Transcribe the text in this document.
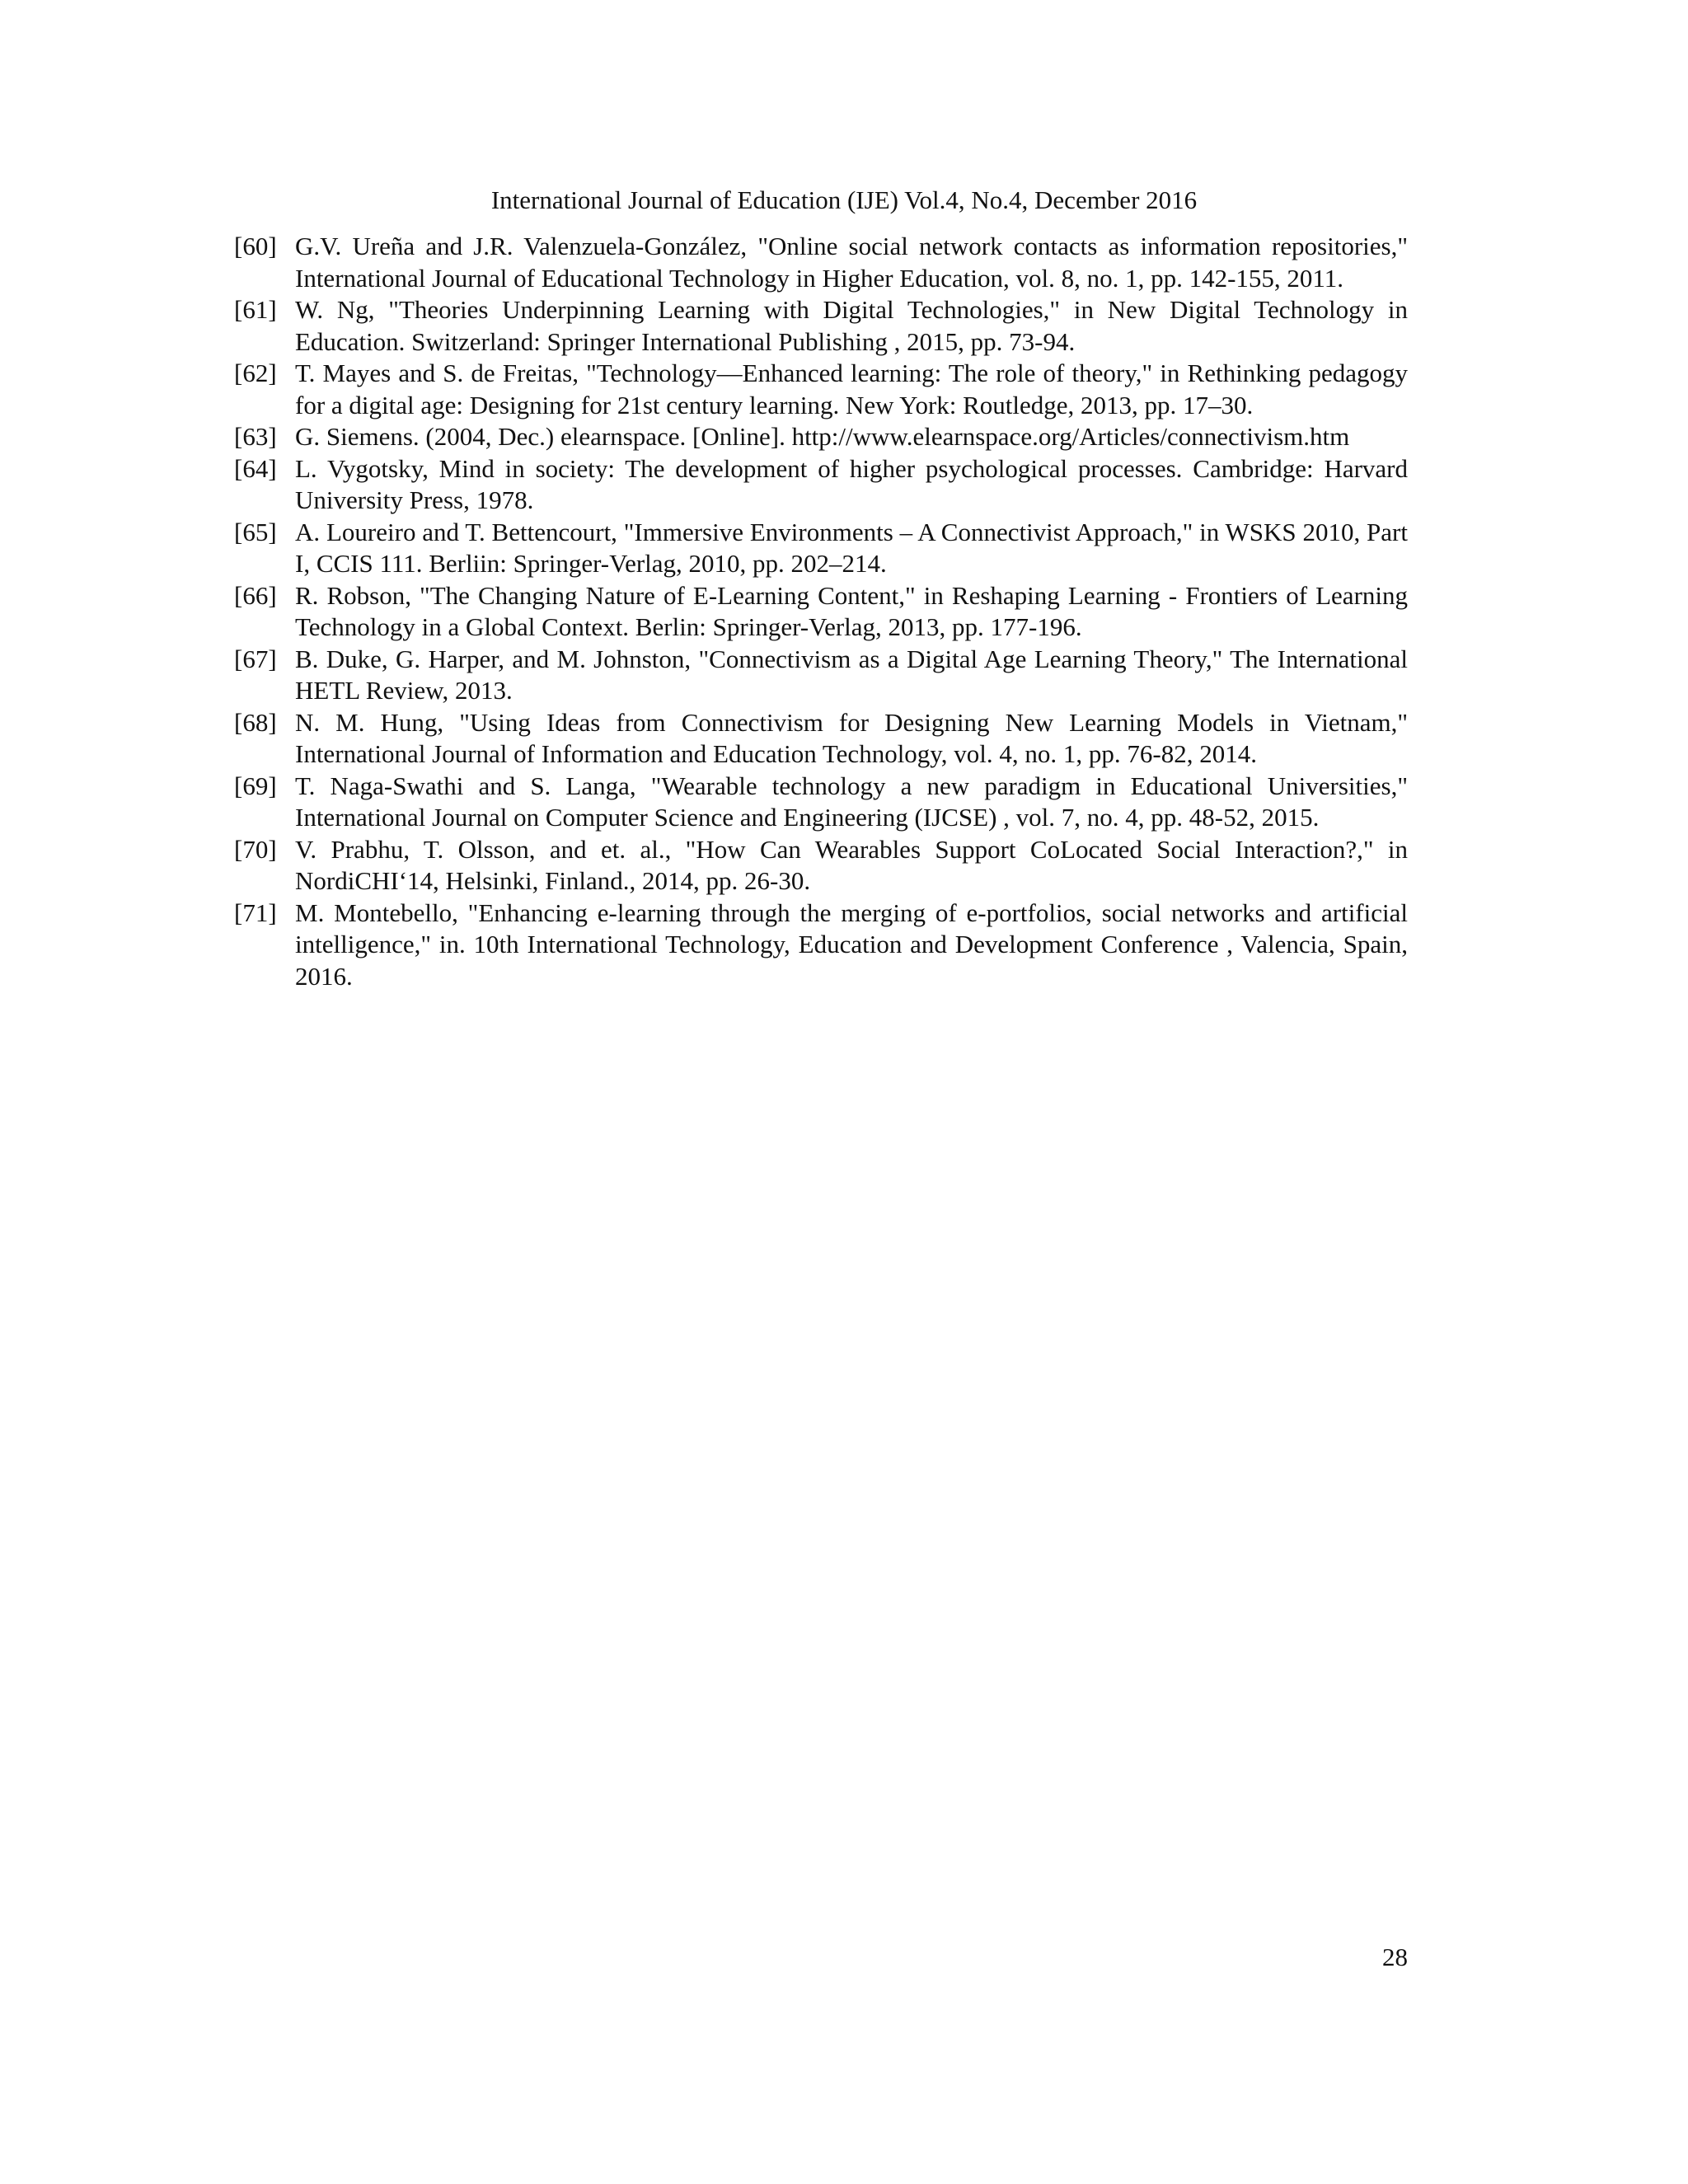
International Journal of Education (IJE) Vol.4, No.4, December 2016
[60] G.V. Ureña and J.R. Valenzuela-González, "Online social network contacts as information repositories," International Journal of Educational Technology in Higher Education, vol. 8, no. 1, pp. 142-155, 2011.
[61] W. Ng, "Theories Underpinning Learning with Digital Technologies," in New Digital Technology in Education. Switzerland: Springer International Publishing , 2015, pp. 73-94.
[62] T. Mayes and S. de Freitas, "Technology—Enhanced learning: The role of theory," in Rethinking pedagogy for a digital age: Designing for 21st century learning. New York: Routledge, 2013, pp. 17–30.
[63] G. Siemens. (2004, Dec.) elearnspace. [Online]. http://www.elearnspace.org/Articles/connectivism.htm
[64] L. Vygotsky, Mind in society: The development of higher psychological processes. Cambridge: Harvard University Press, 1978.
[65] A. Loureiro and T. Bettencourt, "Immersive Environments – A Connectivist Approach," in WSKS 2010, Part I, CCIS 111. Berliin: Springer-Verlag, 2010, pp. 202–214.
[66] R. Robson, "The Changing Nature of E-Learning Content," in Reshaping Learning - Frontiers of Learning Technology in a Global Context. Berlin: Springer-Verlag, 2013, pp. 177-196.
[67] B. Duke, G. Harper, and M. Johnston, "Connectivism as a Digital Age Learning Theory," The International HETL Review, 2013.
[68] N. M. Hung, "Using Ideas from Connectivism for Designing New Learning Models in Vietnam," International Journal of Information and Education Technology, vol. 4, no. 1, pp. 76-82, 2014.
[69] T. Naga-Swathi and S. Langa, "Wearable technology a new paradigm in Educational Universities," International Journal on Computer Science and Engineering (IJCSE) , vol. 7, no. 4, pp. 48-52, 2015.
[70] V. Prabhu, T. Olsson, and et. al., "How Can Wearables Support CoLocated Social Interaction?," in NordiCHI‘14, Helsinki, Finland., 2014, pp. 26-30.
[71] M. Montebello, "Enhancing e-learning through the merging of e-portfolios, social networks and artificial intelligence," in. 10th International Technology, Education and Development Conference , Valencia, Spain, 2016.
28
